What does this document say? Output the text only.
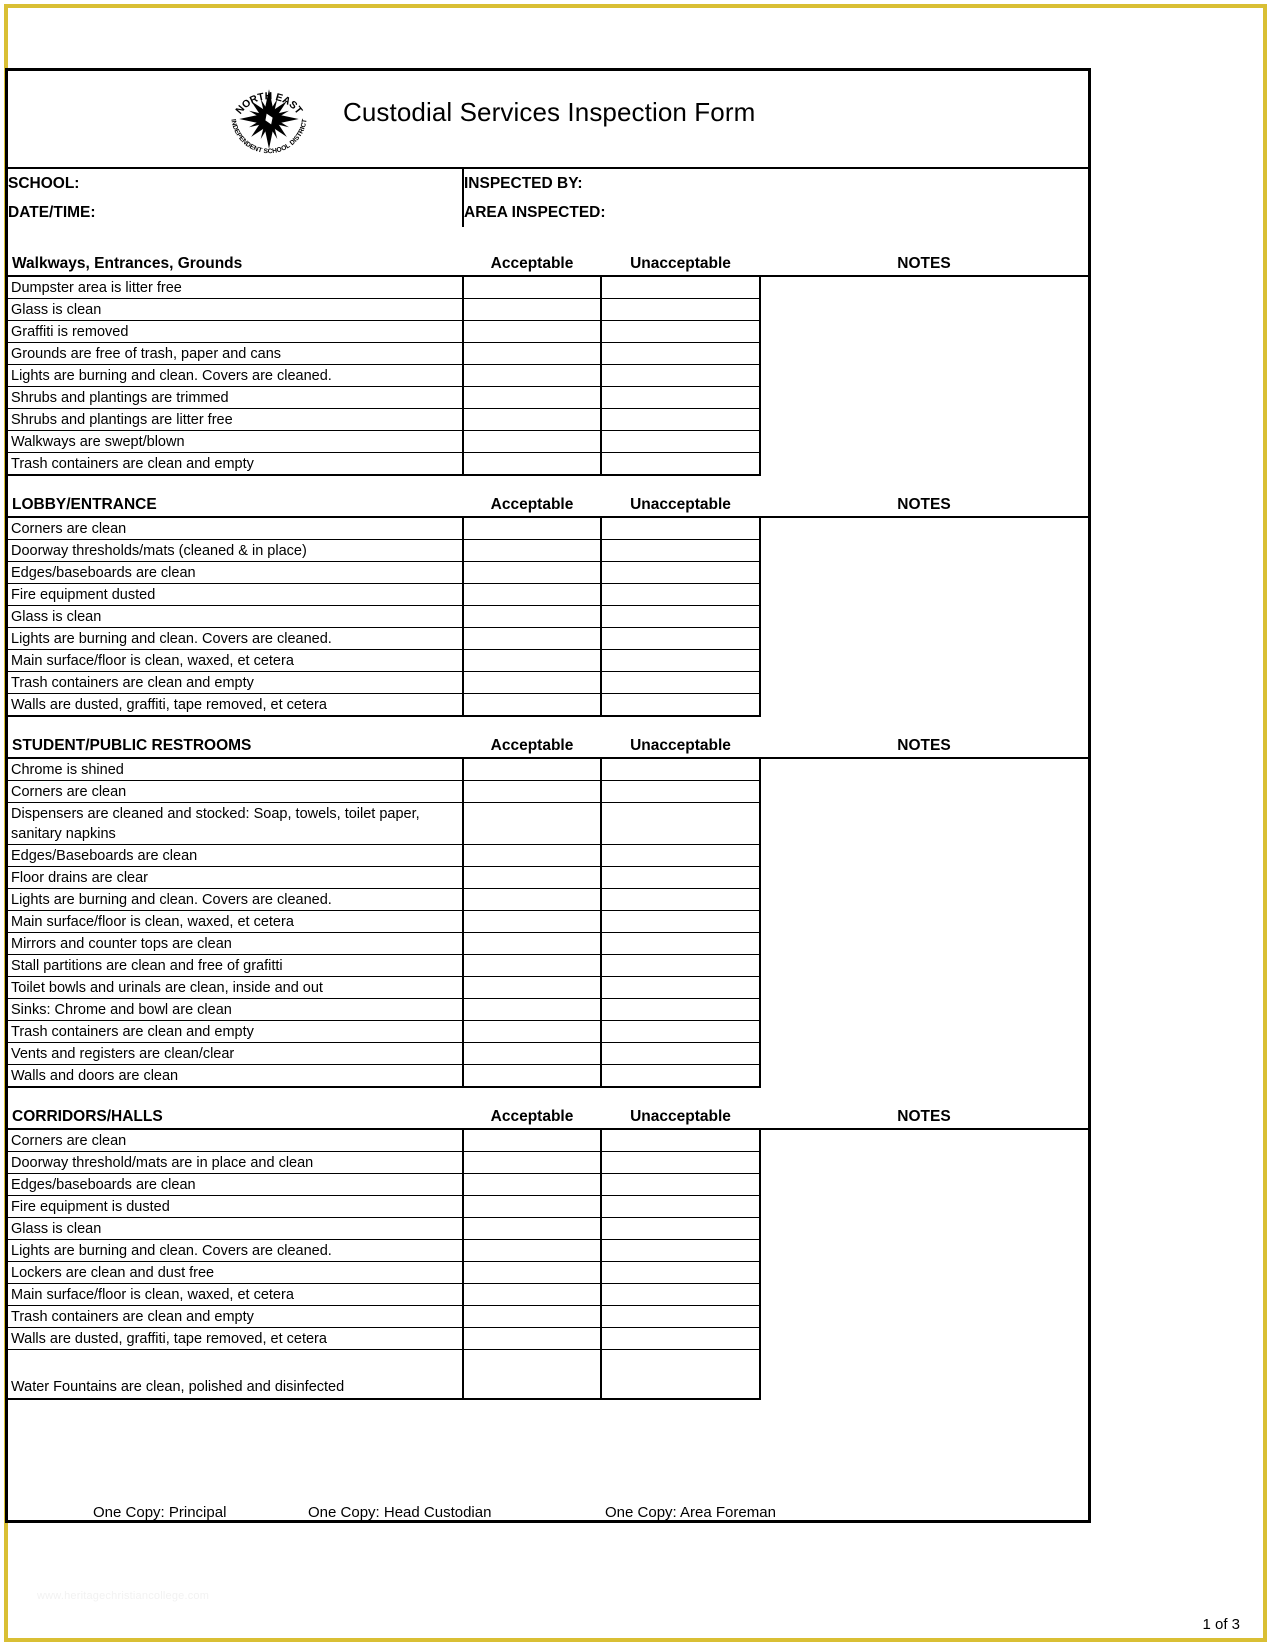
NORTH EAST
INDEPENDENT SCHOOL DISTRICT Custodial Services Inspection Form			

SCHOOL:	INSPECTED BY:		
DATE/TIME:	AREA INSPECTED:		
Walkways, Entrances, Grounds	Acceptable	Unacceptable	NOTES
Dumpster area is litter free			
Glass is clean			
Graffiti is removed			
Grounds are free of trash, paper and cans			
Lights are burning and clean. Covers are cleaned.			
Shrubs and plantings are trimmed			
Shrubs and plantings are litter free			
Walkways are swept/blown			
Trash containers are clean and empty			
LOBBY/ENTRANCE	Acceptable	Unacceptable	NOTES
Corners are clean			
Doorway thresholds/mats (cleaned & in place)			
Edges/baseboards are clean			
Fire equipment dusted			
Glass is clean			
Lights are burning and clean. Covers are cleaned.			
Main surface/floor is clean, waxed, et cetera			
Trash containers are clean and empty			
Walls are dusted, graffiti, tape removed, et cetera			
STUDENT/PUBLIC RESTROOMS	Acceptable	Unacceptable	NOTES
Chrome is shined			
Corners are clean			
Dispensers are cleaned and stocked: Soap, towels, toilet paper, sanitary napkins			
Edges/Baseboards are clean			
Floor drains are clear			
Lights are burning and clean. Covers are cleaned.			
Main surface/floor is clean, waxed, et cetera			
Mirrors and counter tops are clean			
Stall partitions are clean and free of grafitti			
Toilet bowls and urinals are clean, inside and out			
Sinks: Chrome and bowl are clean			
Trash containers are clean and empty			
Vents and registers are clean/clear			
Walls and doors are clean			
CORRIDORS/HALLS	Acceptable	Unacceptable	NOTES
Corners are clean			
Doorway threshold/mats are in place and clean			
Edges/baseboards are clean			
Fire equipment is dusted			
Glass is clean			
Lights are burning and clean. Covers are cleaned.			
Lockers are clean and dust free			
Main surface/floor is clean, waxed, et cetera			
Trash containers are clean and empty			
Walls are dusted, graffiti, tape removed, et cetera			
Water Fountains are clean, polished and disinfected			

One Copy: Principal One Copy: Head Custodian One Copy: Area Foreman			
www.heritagechristiancollege.com
1 of 3
